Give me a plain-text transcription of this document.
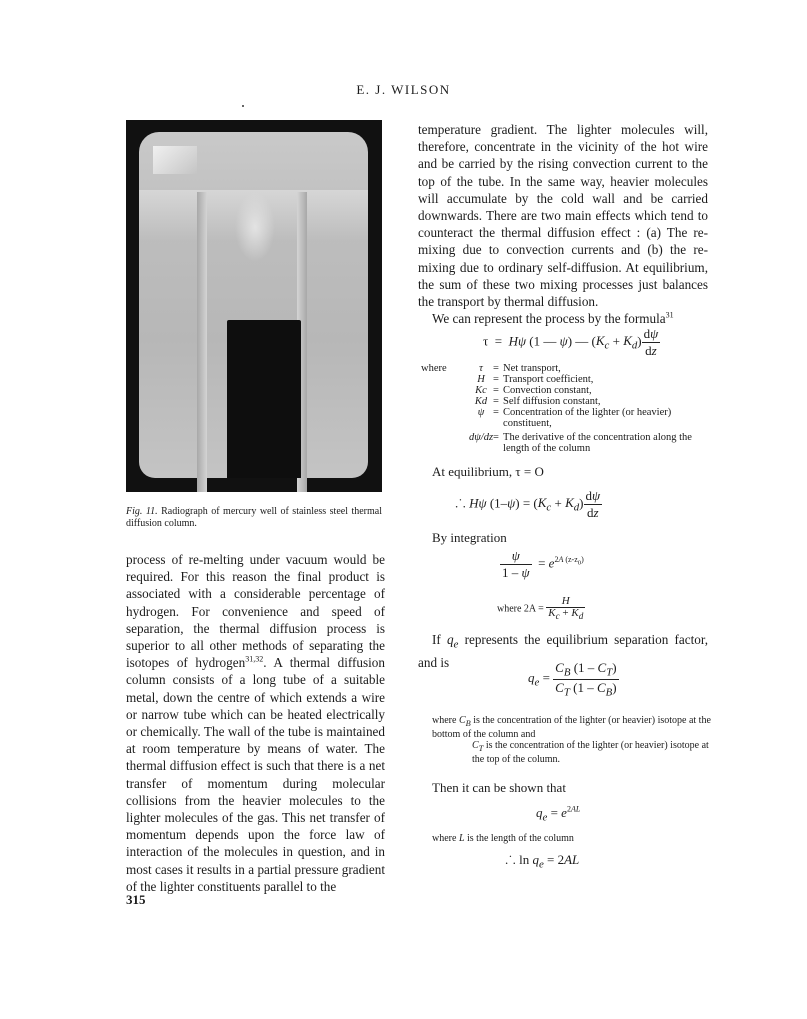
E. J. WILSON
Fig. 11. Radiograph of mercury well of stainless steel thermal diffusion column.
process of re-melting under vacuum would be required. For this reason the final product is associated with a considerable percentage of hydrogen. For convenience and speed of separation, the thermal diffusion process is superior to all other methods of separating the isotopes of hydrogen$^{31,32}$. A thermal diffusion column consists of a long tube of a suitable metal, down the centre of which extends a wire or narrow tube which can be heated electrically or chemically. The wall of the tube is maintained at room temperature by means of water. The thermal diffusion effect is such that there is a net transfer of momentum during molecular collisions from the heavier molecules to the lighter molecules of the gas. This net transfer of momentum depends upon the force law of interaction of the molecules in question, and in most cases it results in a partial pressure gradient of the lighter constituents parallel to the
temperature gradient. The lighter molecules will, therefore, concentrate in the vicinity of the hot wire and be carried by the rising convection current to the top of the tube. In the same way, heavier molecules will accumulate by the cold wall and be carried downwards. There are two main effects which tend to counteract the thermal diffusion effect : (a) The re-mixing due to convection currents and (b) the re-mixing due to ordinary self-diffusion. At equilibrium, the sum of these two mixing processes just balances the transport by thermal diffusion.
We can represent the process by the formula$^{31}$
τ  =  Hψ (1 — ψ) — $(K_c + K_d) \frac{d\psi}{dz}$
where	τ	=	Net transport,
	H	=	Transport coefficient,
	Kc	=	Convection constant,
	Kd	=	Self diffusion constant,
	ψ	=	Concentration of the lighter (or heavier) constituent,
	dψ/dz	=	The derivative of the concentration along the length of the column
At equilibrium, τ = O
.˙. Hψ $(1-\psi) = (K_c + K_d) \frac{d\psi}{dz}$
By integration
$\frac{\psi}{1 - \psi} = e^{2A (z-z_0)}$
where $2A = \frac{H}{K_c + K_d}$
If $q_e$ represents the equilibrium separation factor, and is
$q_e = \frac{C_B (1 - C_T)}{C_T (1 - C_B)}$
where $C_B$ is the concentration of the lighter (or heavier) isotope at the bottom of the column and
$C_T$ is the concentration of the lighter (or heavier) isotope at the top of the column.
Then it can be shown that
$q_e = e^{2AL}$
where L is the length of the column
.˙. $\ln q_e = 2AL$
315
